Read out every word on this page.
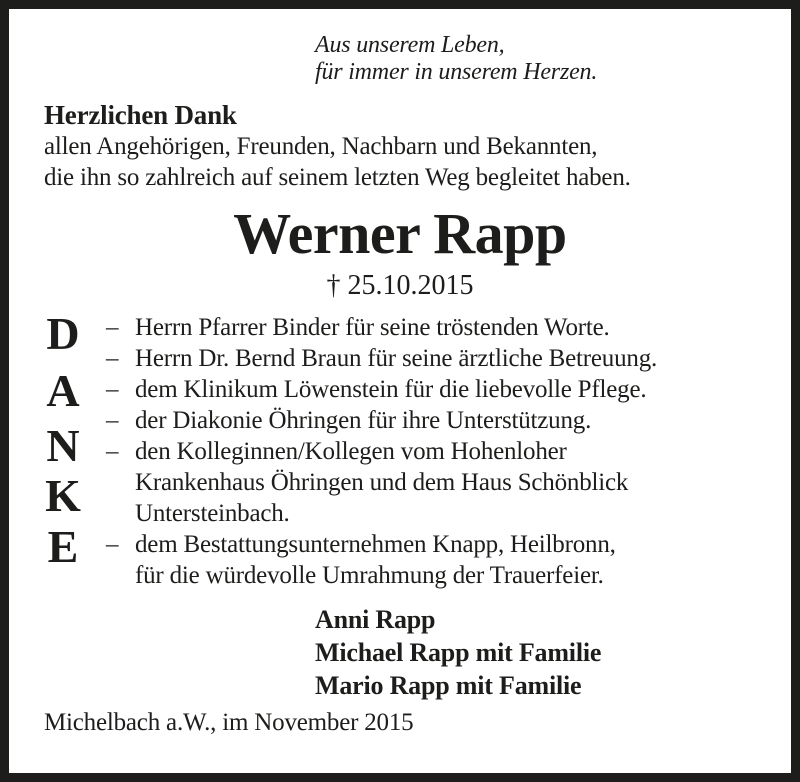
Aus unserem Leben,
für immer in unserem Herzen.
Herzlichen Dank
allen Angehörigen, Freunden, Nachbarn und Bekannten,
die ihn so zahlreich auf seinem letzten Weg begleitet haben.
Werner Rapp
† 25.10.2015
D
A
N
K
E
– Herrn Pfarrer Binder für seine tröstenden Worte.
– Herrn Dr. Bernd Braun für seine ärztliche Betreuung.
– dem Klinikum Löwenstein für die liebevolle Pflege.
– der Diakonie Öhringen für ihre Unterstützung.
– den Kolleginnen/Kollegen vom Hohenloher
Krankenhaus Öhringen und dem Haus Schönblick
Untersteinbach.
– dem Bestattungsunternehmen Knapp, Heilbronn,
für die würdevolle Umrahmung der Trauerfeier.
Anni Rapp
Michael Rapp mit Familie
Mario Rapp mit Familie
Michelbach a.W., im November 2015
